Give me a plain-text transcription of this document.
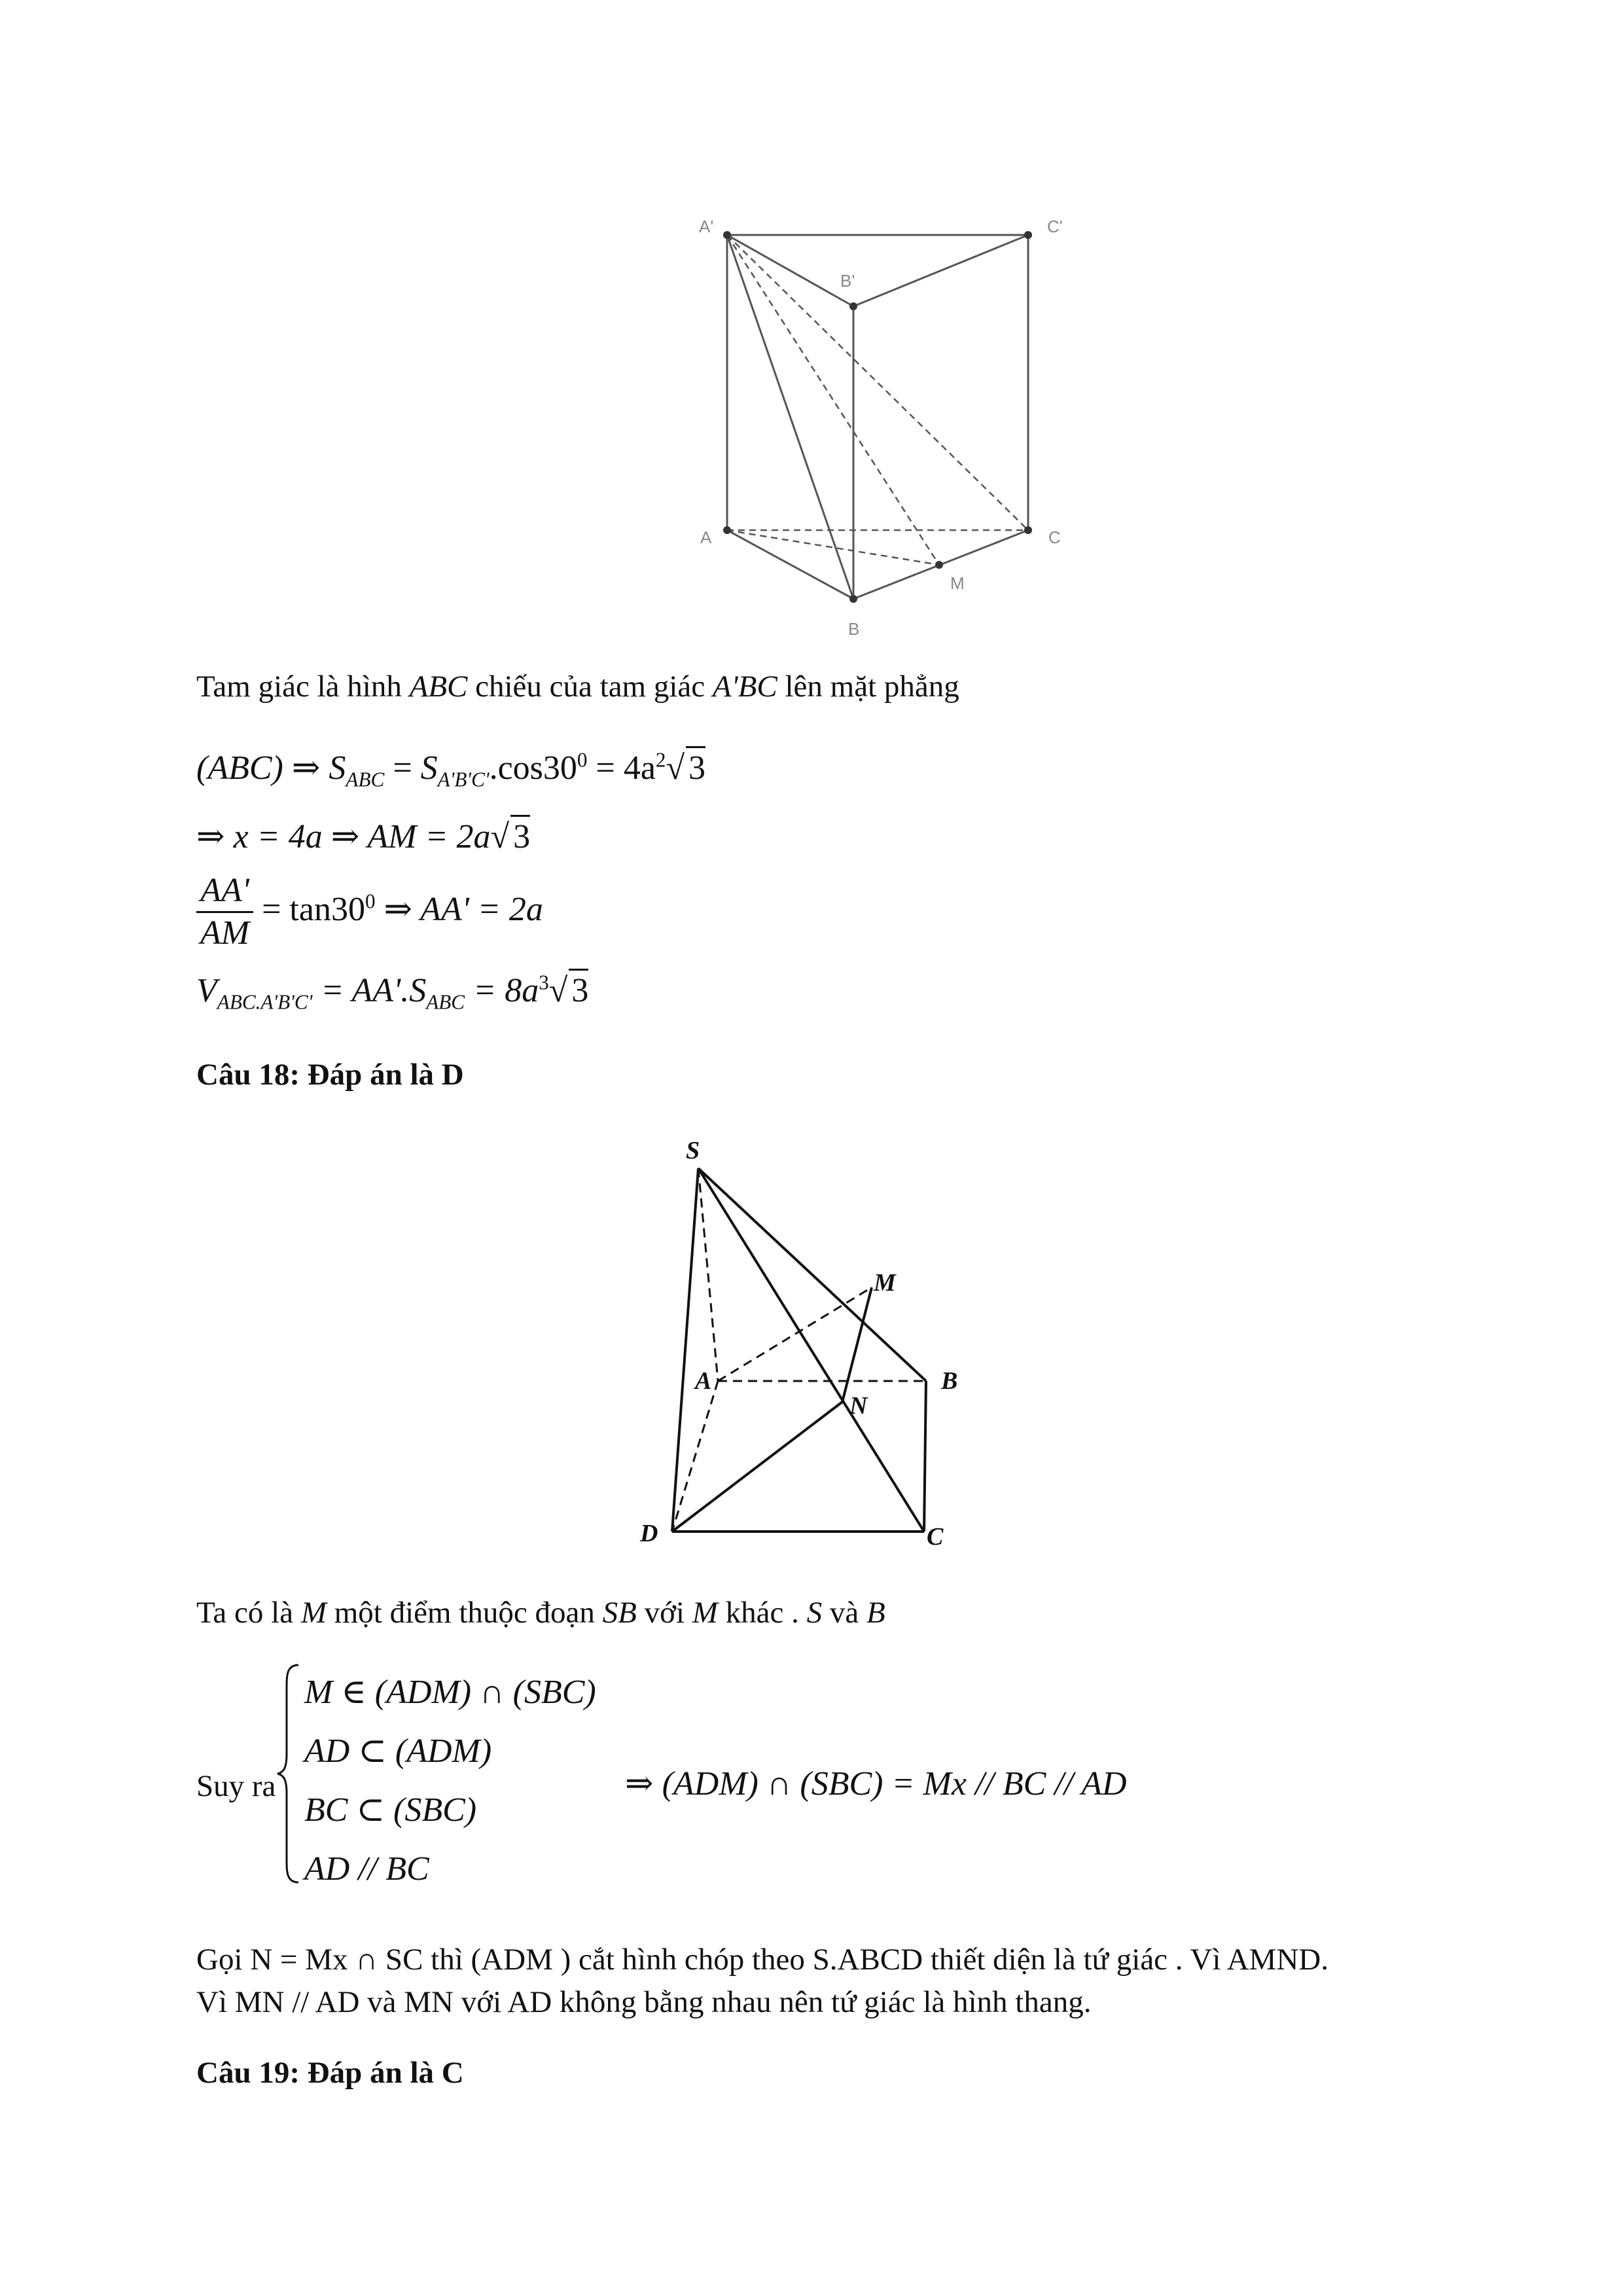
A'	C'
B'
A	C
B
M
Tam giác là hình ABC chiếu của tam giác A'BC lên mặt phẳng
(ABC) ⇒ $S_{ABC} = S_{A'B'C'}.\cos 30^0 = 4a^2√$ 3
⇒ x = 4a ⇒ AM = 2a√ 3
$\frac{AA'}{AM} = \tan 30^0$ ⇒ AA' = 2a
$V_{ABC.A'B'C'} = AA'.S_{ABC} = 8a^3√$ 3
Câu 18: Đáp án là D
S
M
A	B
N
D	C
Ta có là M một điểm thuộc đoạn SB với M khác . S và B
Suy ra
M ∈ (ADM) ∩ (SBC)
AD ⊂ (ADM)
BC ⊂ (SBC)
AD // BC
⇒ (ADM) ∩ (SBC) = Mx // BC // AD
Gọi N = Mx ∩ SC thì (ADM ) cắt hình chóp theo S.ABCD thiết diện là tứ giác . Vì AMND.
Vì MN // AD và MN với AD không bằng nhau nên tứ giác là hình thang.
Câu 19: Đáp án là C
